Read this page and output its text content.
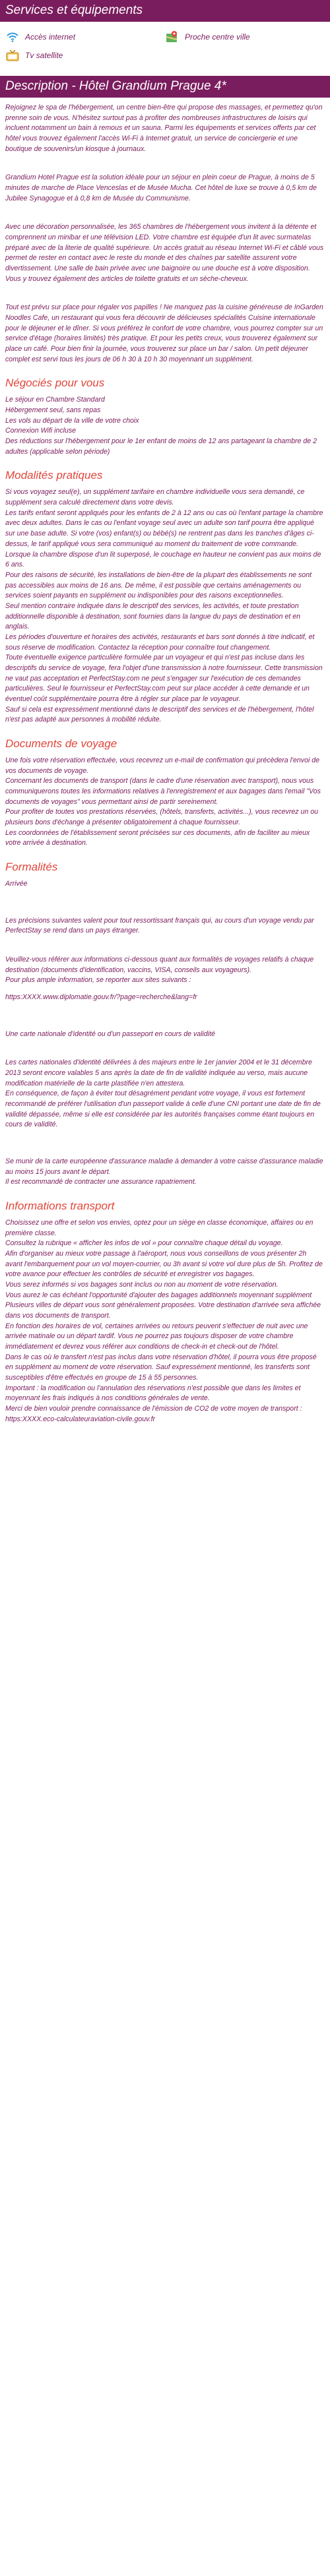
Services et équipements
Accès internet	Proche centre ville
Tv satellite
Description - Hôtel Grandium Prague 4*

Rejoignez le spa de l'hébergement, un centre bien-être qui propose des massages, et permettez qu'on prenne soin de vous. N'hésitez surtout pas à profiter des nombreuses infrastructures de loisirs qui incluent notamment un bain à remous et un sauna. Parmi les équipements et services offerts par cet hôtel vous trouvez également l'accès Wi-Fi à Internet gratuit, un service de conciergerie et une boutique de souvenirs/un kiosque à journaux.

Grandium Hotel Prague est la solution idéale pour un séjour en plein coeur de Prague, à moins de 5 minutes de marche de Place Venceslas et de Musée Mucha. Cet hôtel de luxe se trouve à 0,5 km de Jubilee Synagogue et à 0,8 km de Musée du Communisme.

Avec une décoration personnalisée, les 365 chambres de l'hébergement vous invitent à la détente et comprennent un minibar et une télévision LED. Votre chambre est équipée d'un lit avec surmatelas préparé avec de la literie de qualité supérieure. Un accès gratuit au réseau Internet Wi-Fi et câblé vous permet de rester en contact avec le reste du monde et des chaînes par satellite assurent votre divertissement. Une salle de bain privée avec une baignoire ou une douche est à votre disposition. Vous y trouvez également des articles de toilette gratuits et un sèche-cheveux.

Tout est prévu sur place pour régaler vos papilles ! Ne manquez pas la cuisine généreuse de InGarden Noodles Cafe, un restaurant qui vous fera découvrir de délicieuses spécialités Cuisine internationale pour le déjeuner et le dîner. Si vous préférez le confort de votre chambre, vous pourrez compter sur un service d'étage (horaires limités) très pratique. Et pour les petits creux, vous trouverez également sur place un café. Pour bien finir la journée, vous trouverez sur place un bar / salon. Un petit déjeuner complet est servi tous les jours de 06 h 30 à 10 h 30 moyennant un supplément.

Négociés pour vous

Le séjour en Chambre Standard
Hébergement seul, sans repas
Les vols au départ de la ville de votre choix
Connexion Wifi incluse
Des réductions sur l'hébergement pour le 1er enfant de moins de 12 ans partageant la chambre de 2 adultes (applicable selon période)

Modalités pratiques

Si vous voyagez seul(e), un supplément tarifaire en chambre individuelle vous sera demandé, ce supplément sera calculé directement dans votre devis.
Les tarifs enfant seront appliqués pour les enfants de 2 à 12 ans ou cas où l'enfant partage la chambre avec deux adultes. Dans le cas ou l'enfant voyage seul avec un adulte son tarif pourra être appliqué sur une base adulte. Si votre (vos) enfant(s) ou bébé(s) ne rentrent pas dans les tranches d'âges ci-dessus, le tarif appliqué vous sera communiqué au moment du traitement de votre commande. Lorsque la chambre dispose d'un lit superposé, le couchage en hauteur ne convient pas aux moins de 6 ans.
Pour des raisons de sécurité, les installations de bien-être de la plupart des établissements ne sont pas accessibles aux moins de 16 ans. De même, il est possible que certains aménagements ou services soient payants en supplément ou indisponibles pour des raisons exceptionnelles.
Seul mention contraire indiquée dans le descriptif des services, les activités, et toute prestation additionnelle disponible à destination, sont fournies dans la langue du pays de destination et en anglais.
Les périodes d'ouverture et horaires des activités, restaurants et bars sont donnés à titre indicatif, et sous réserve de modification. Contactez la réception pour connaître tout changement.
Toute éventuelle exigence particulière formulée par un voyageur et qui n'est pas incluse dans les descriptifs du service de voyage, fera l'objet d'une transmission à notre fournisseur. Cette transmission ne vaut pas acceptation et PerfectStay.com ne peut s'engager sur l'exécution de ces demandes particulières. Seul le fournisseur et PerfectStay.com peut sur place accéder à cette demande et un éventuel coût supplémentaire pourra être à régler sur place par le voyageur.
Sauf si cela est expressément mentionné dans le descriptif des services et de l'hébergement, l'hôtel n'est pas adapté aux personnes à mobilité réduite.

Documents de voyage

Une fois votre réservation effectuée, vous recevrez un e-mail de confirmation qui précèdera l'envoi de vos documents de voyage.
Concernant les documents de transport (dans le cadre d'une réservation avec transport), nous vous communiquerons toutes les informations relatives à l'enregistrement et aux bagages dans l'email "Vos documents de voyages" vous permettant ainsi de partir sereinement.
Pour profiter de toutes vos prestations réservées, (hôtels, transferts, activités...), vous recevrez un ou plusieurs bons d'échange à présenter obligatoirement à chaque fournisseur.
Les coordonnées de l'établissement seront précisées sur ces documents, afin de faciliter au mieux votre arrivée à destination.

Formalités

Arrivée

Les précisions suivantes valent pour tout ressortissant français qui, au cours d'un voyage vendu par PerfectStay se rend dans un pays étranger.

Veuillez-vous référer aux informations ci-dessous quant aux formalités de voyages relatifs à chaque destination (documents d'identification, vaccins, VISA, conseils aux voyageurs).
Pour plus ample information, se reporter aux sites suivants :

https:XXXX.www.diplomatie.gouv.fr/?page=recherche&lang=fr

Une carte nationale d'identité ou d'un passeport en cours de validité

Les cartes nationales d'identité délivrées à des majeurs entre le 1er janvier 2004 et le 31 décembre 2013 seront encore valables 5 ans après la date de fin de validité indiquée au verso, mais aucune modification matérielle de la carte plastifiée n'en attestera.
En conséquence, de façon à éviter tout désagrément pendant votre voyage, il vous est fortement recommandé de préférer l'utilisation d'un passeport valide à celle d'une CNI portant une date de fin de validité dépassée, même si elle est considérée par les autorités françaises comme étant toujours en cours de validité.

Se munir de la carte européenne d'assurance maladie à demander à votre caisse d'assurance maladie au moins 15 jours avant le départ.
Il est recommandé de contracter une assurance rapatriement.

Informations transport

Choisissez une offre et selon vos envies, optez pour un siège en classe économique, affaires ou en première classe.
Consultez la rubrique « afficher les infos de vol » pour connaître chaque détail du voyage.
Afin d'organiser au mieux votre passage à l'aéroport, nous vous conseillons de vous présenter 2h avant l'embarquement pour un vol moyen-courrier, ou 3h avant si votre vol dure plus de 5h. Profitez de votre avance pour effectuer les contrôles de sécurité et enregistrer vos bagages.
Vous serez informés si vos bagages sont inclus ou non au moment de votre réservation.
Vous aurez le cas échéant l'opportunité d'ajouter des bagages additionnels moyennant supplément
Plusieurs villes de départ vous sont généralement proposées. Votre destination d'arrivée sera affichée dans vos documents de transport.
En fonction des horaires de vol, certaines arrivées ou retours peuvent s'effectuer de nuit avec une arrivée matinale ou un départ tardif. Vous ne pourrez pas toujours disposer de votre chambre immédiatement et devrez vous référer aux conditions de check-in et check-out de l'hôtel.
Dans le cas où le transfert n'est pas inclus dans votre réservation d'hôtel, il pourra vous être proposé en supplément au moment de votre réservation. Sauf expressément mentionné, les transferts sont susceptibles d'être effectués en groupe de 15 à 55 personnes.
Important : la modification ou l'annulation des réservations n'est possible que dans les limites et moyennant les frais indiqués à nos conditions générales de vente.
Merci de bien vouloir prendre connaissance de l'émission de CO2 de votre moyen de transport : https:XXXX.eco-calculateuraviation-civile.gouv.fr
